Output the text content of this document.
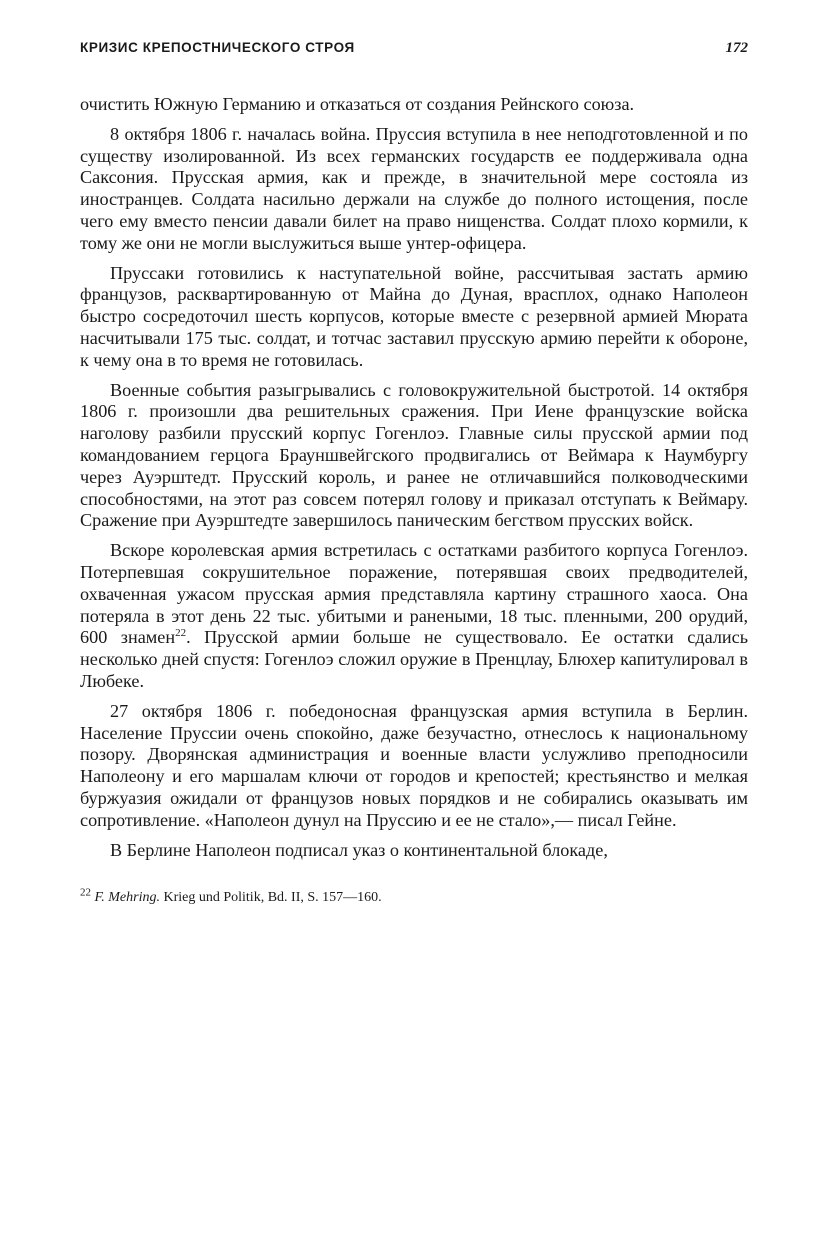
КРИЗИС КРЕПОСТНИЧЕСКОГО СТРОЯ	172

очистить Южную Германию и отказаться от создания Рейнского союза.

8 октября 1806 г. началась война. Пруссия вступила в нее неподготовленной и по существу изолированной. Из всех германских государств ее поддерживала одна Саксония. Прусская армия, как и прежде, в значительной мере состояла из иностранцев. Солдата насильно держали на службе до полного истощения, после чего ему вместо пенсии давали билет на право нищенства. Солдат плохо кормили, к тому же они не могли выслужиться выше унтер-офицера.

Пруссаки готовились к наступательной войне, рассчитывая застать армию французов, расквартированную от Майна до Дуная, врасплох, однако Наполеон быстро сосредоточил шесть корпусов, которые вместе с резервной армией Мюрата насчитывали 175 тыс. солдат, и тотчас заставил прусскую армию перейти к обороне, к чему она в то время не готовилась.

Военные события разыгрывались с головокружительной быстротой. 14 октября 1806 г. произошли два решительных сражения. При Иене французские войска наголову разбили прусский корпус Гогенлоэ. Главные силы прусской армии под командованием герцога Брауншвейгского продвигались от Веймара к Наумбургу через Ауэрштедт. Прусский король, и ранее не отличавшийся полководческими способностями, на этот раз совсем потерял голову и приказал отступать к Веймару. Сражение при Ауэрштедте завершилось паническим бегством прусских войск.

Вскоре королевская армия встретилась с остатками разбитого корпуса Гогенлоэ. Потерпевшая сокрушительное поражение, потерявшая своих предводителей, охваченная ужасом прусская армия представляла картину страшного хаоса. Она потеряла в этот день 22 тыс. убитыми и ранеными, 18 тыс. пленными, 200 орудий, 600 знамен$^{22}$. Прусской армии больше не существовало. Ее остатки сдались несколько дней спустя: Гогенлоэ сложил оружие в Пренцлау, Блюхер капитулировал в Любеке.

27 октября 1806 г. победоносная французская армия вступила в Берлин. Население Пруссии очень спокойно, даже безучастно, отнеслось к национальному позору. Дворянская администрация и военные власти услужливо преподносили Наполеону и его маршалам ключи от городов и крепостей; крестьянство и мелкая буржуазия ожидали от французов новых порядков и не собирались оказывать им сопротивление. «Наполеон дунул на Пруссию и ее не стало»,— писал Гейне.

В Берлине Наполеон подписал указ о континентальной блокаде,

$^{22}$ F. Mehring. Krieg und Politik, Bd. II, S. 157—160.
